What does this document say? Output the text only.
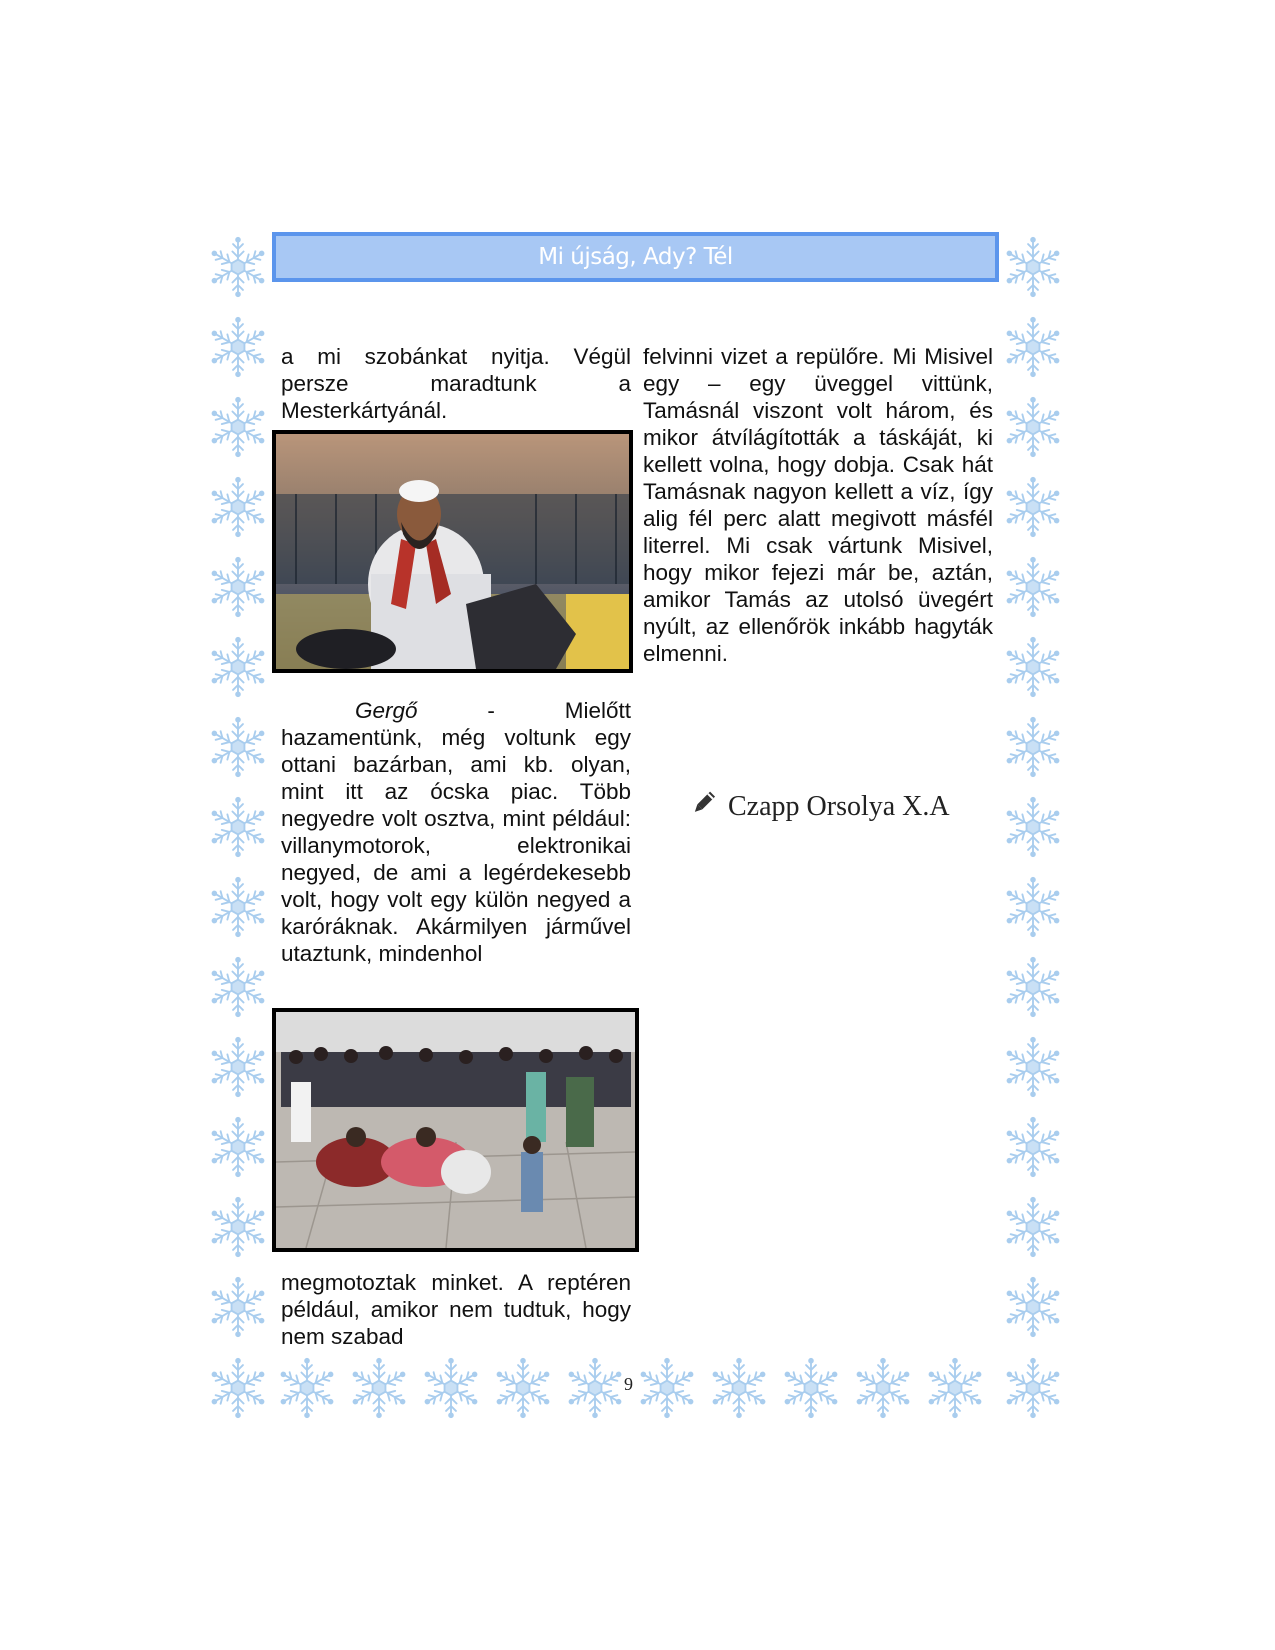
Mi újság, Ady? Tél

a mi szobánkat nyitja. Végül persze maradtunk a Mesterkártyánál.

Gergő - Mielőtt hazamentünk, még voltunk egy ottani bazárban, ami kb. olyan, mint itt az ócska piac. Több negyedre volt osztva, mint például: villanymotorok, elektronikai negyed, de ami a legérdekesebb volt, hogy volt egy külön negyed a karóráknak. Akármilyen járművel utaztunk, mindenhol

megmotoztak minket. A reptéren például, amikor nem tudtuk, hogy nem szabad

felvinni vizet a repülőre. Mi Misivel egy – egy üveggel vittünk, Tamásnál viszont volt három, és mikor átvílágították a táskáját, ki kellett volna, hogy dobja. Csak hát Tamásnak nagyon kellett a víz, így alig fél perc alatt megivott másfél literrel. Mi csak vártunk Misivel, hogy mikor fejezi már be, aztán, amikor Tamás az utolsó üvegért nyúlt, az ellenőrök inkább hagyták elmenni.

Czapp Orsolya X.A
9
